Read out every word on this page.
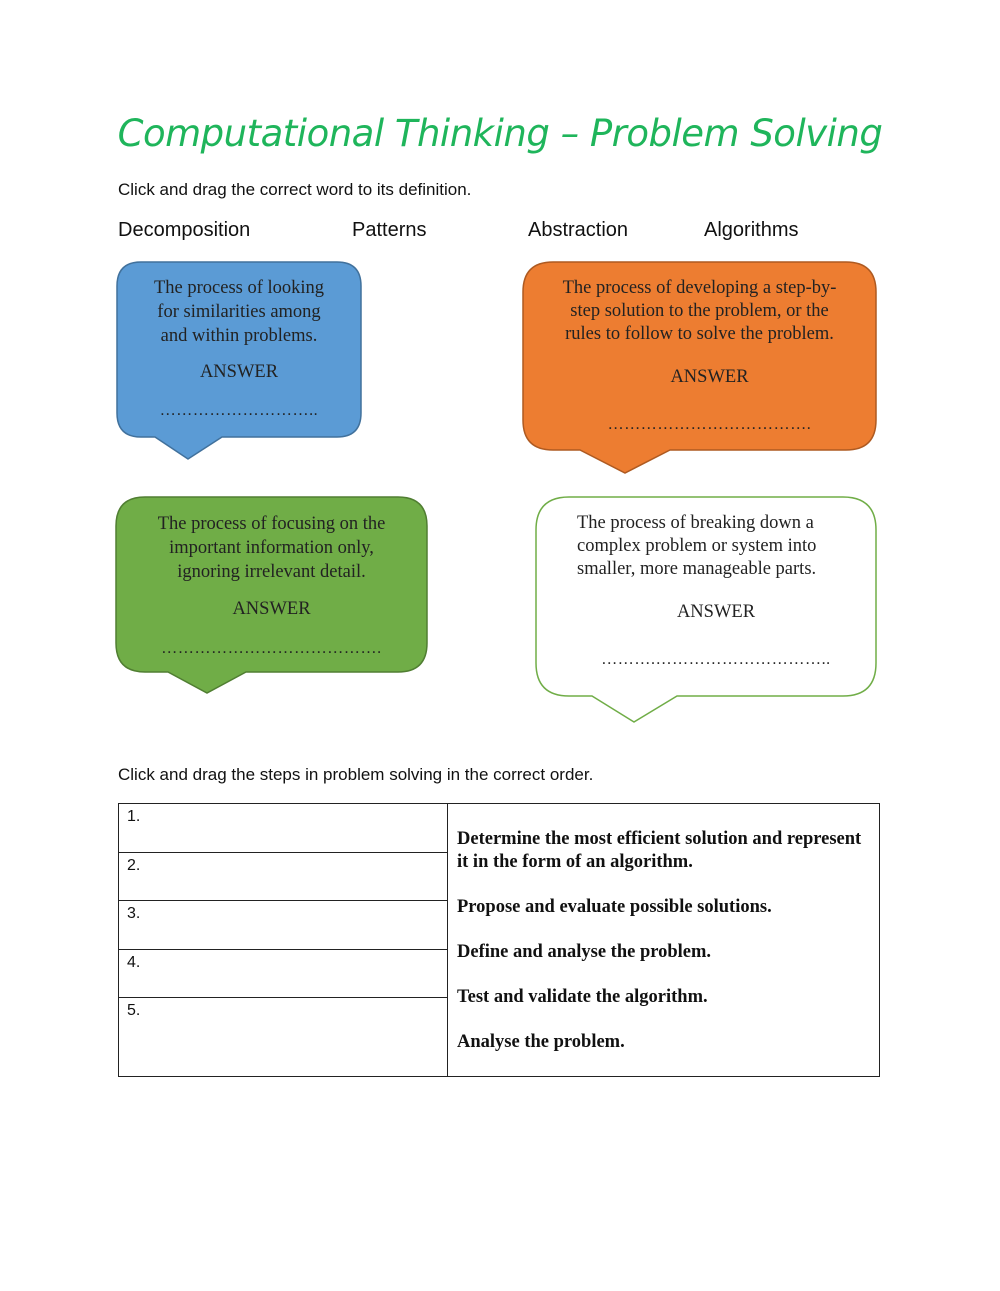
Computational Thinking – Problem Solving
Click and drag the correct word to its definition.
Decomposition	Patterns	Abstraction	Algorithms
The process of looking
for similarities among
and within problems.
ANSWER
………………………..
The process of developing a step-by-
step solution to the problem, or the
rules to follow to solve the problem.
ANSWER
……………………………….
The process of focusing on the
important information only,
ignoring irrelevant detail.
ANSWER
………………………………….
The process of breaking down a
complex problem or system into
smaller, more manageable parts.
ANSWER
……….…………………………..
Click and drag the steps in problem solving in the correct order.
1.	
Determine the most efficient solution and represent it in the form of an algorithm.
Propose and evaluate possible solutions.
Define and analyse the problem.
Test and validate the algorithm.
Analyse the problem.

2.
3.
4.
5.
